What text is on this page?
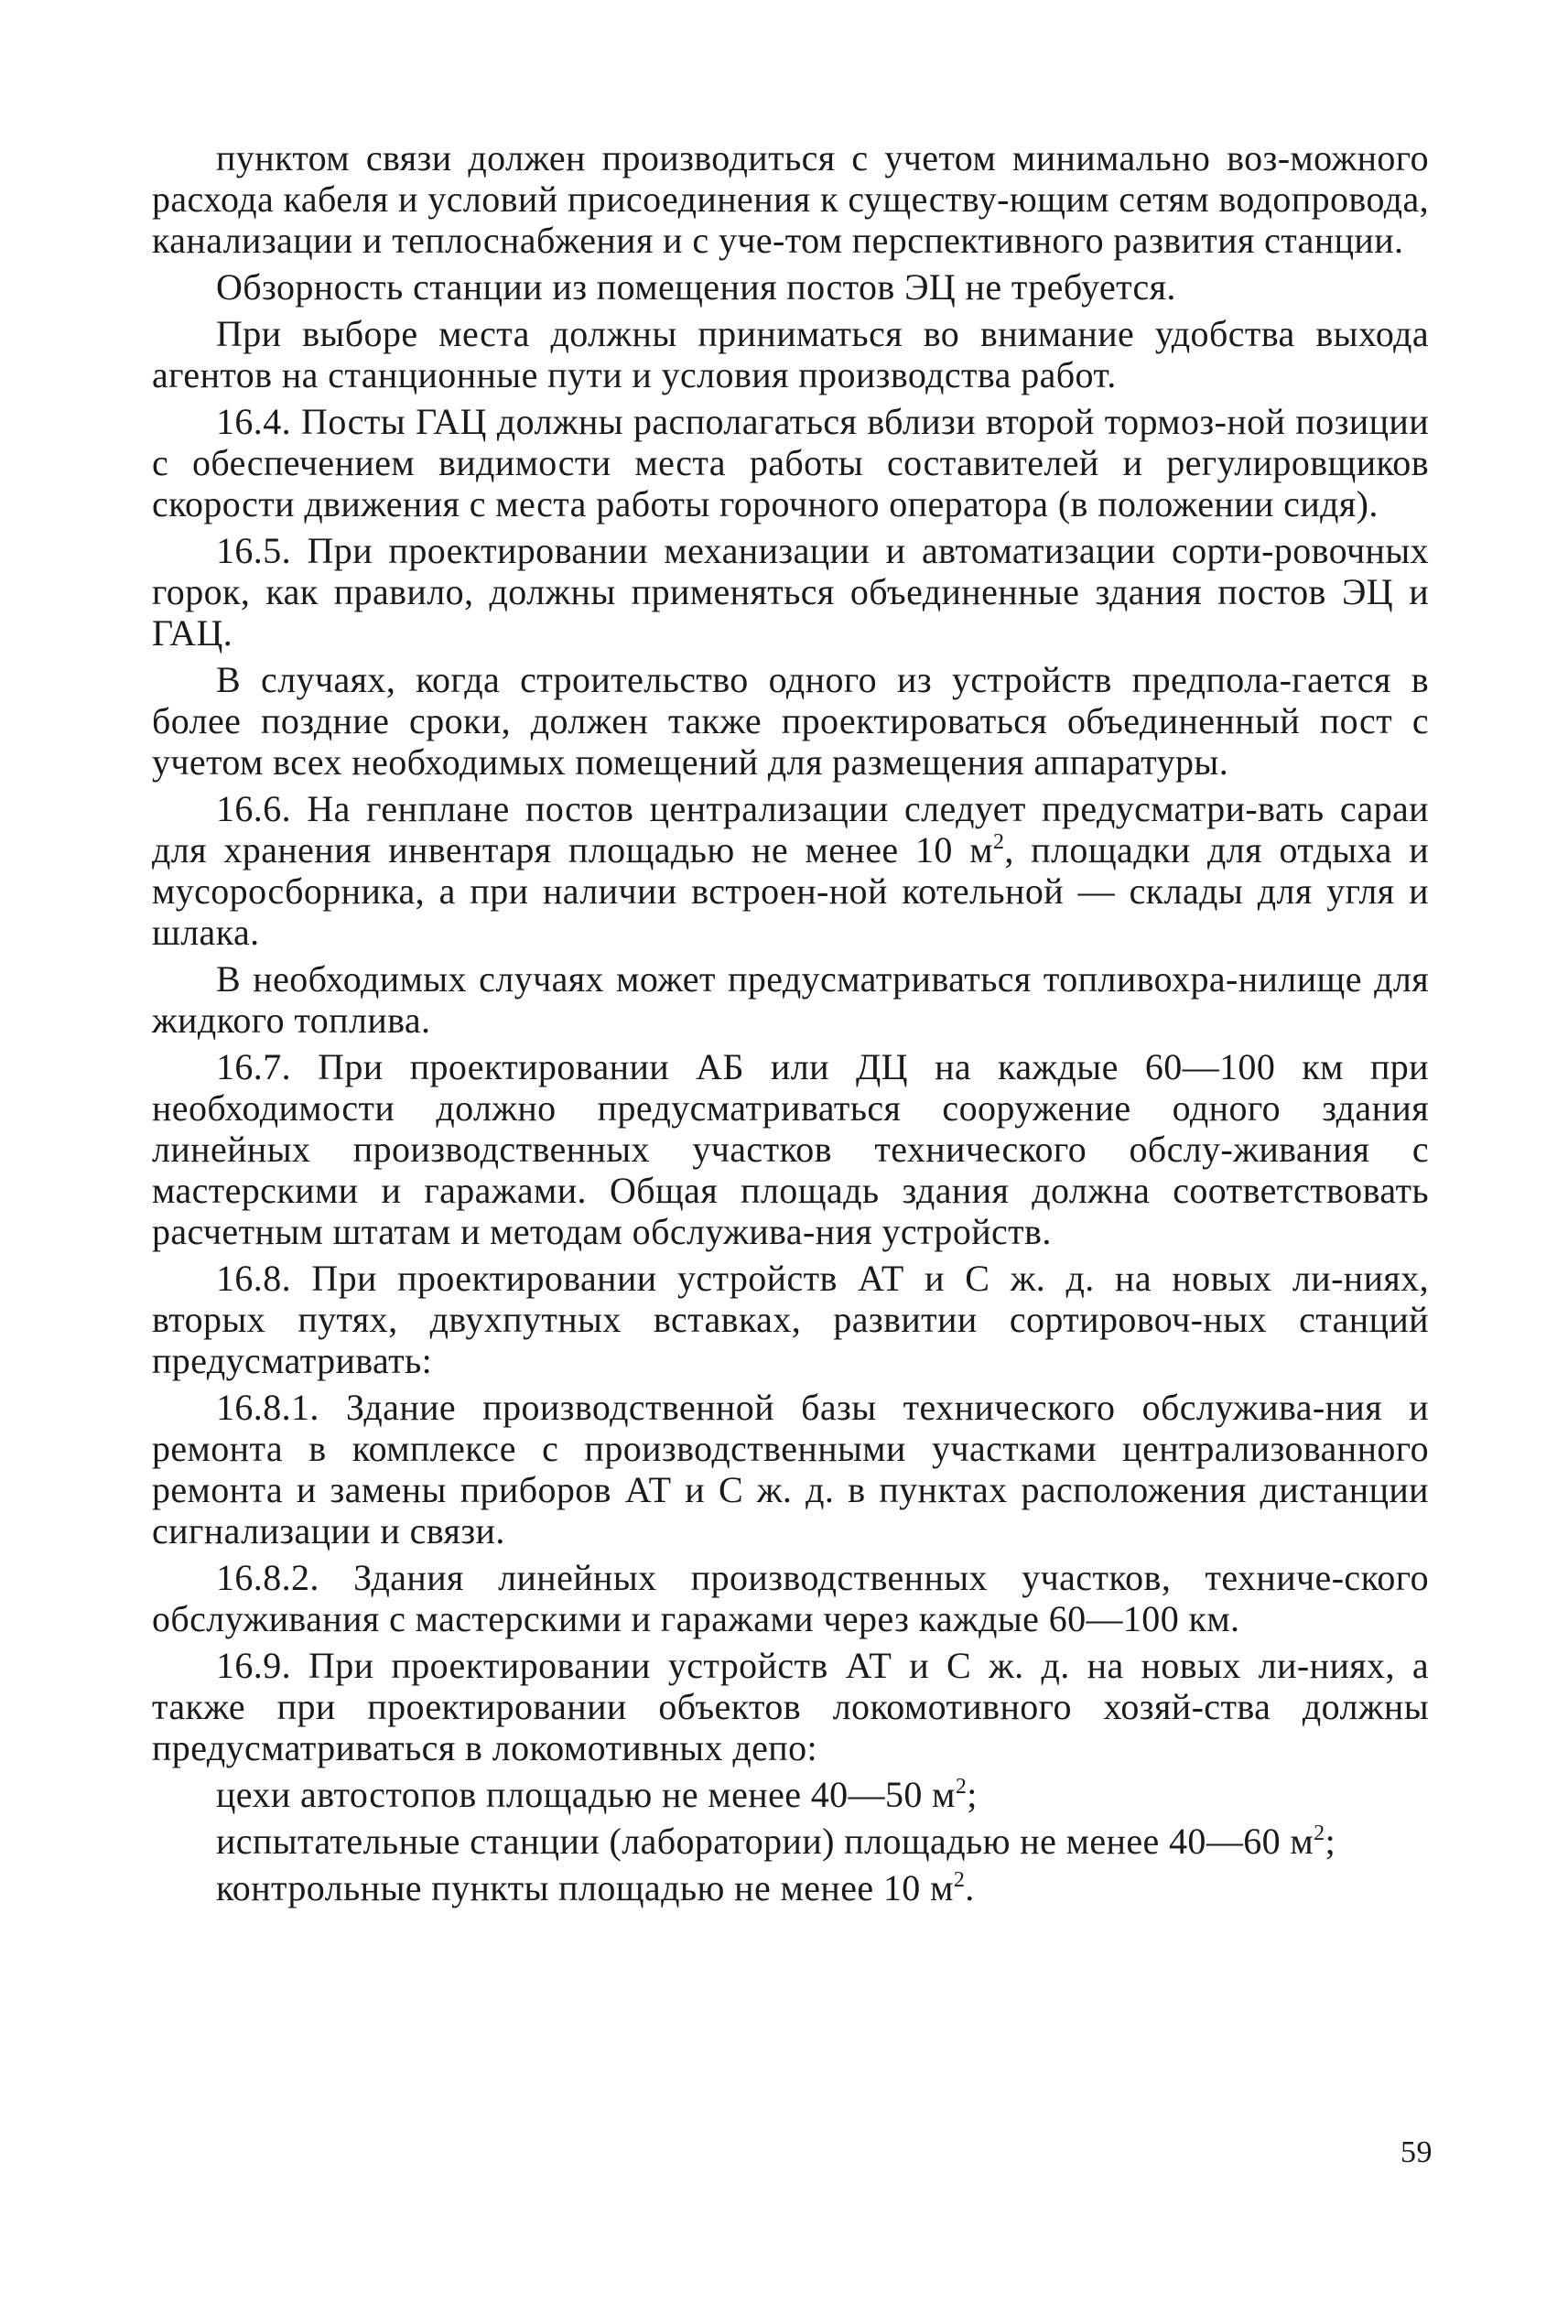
пунктом связи должен производиться с учетом минимально воз-можного расхода кабеля и условий присоединения к существу-ющим сетям водопровода, канализации и теплоснабжения и с уче-том перспективного развития станции.

Обзорность станции из помещения постов ЭЦ не требуется.

При выборе места должны приниматься во внимание удобства выхода агентов на станционные пути и условия производства работ.

16.4. Посты ГАЦ должны располагаться вблизи второй тормоз-ной позиции с обеспечением видимости места работы составителей и регулировщиков скорости движения с места работы горочного оператора (в положении сидя).

16.5. При проектировании механизации и автоматизации сорти-ровочных горок, как правило, должны применяться объединенные здания постов ЭЦ и ГАЦ.

В случаях, когда строительство одного из устройств предпола-гается в более поздние сроки, должен также проектироваться объединенный пост с учетом всех необходимых помещений для размещения аппаратуры.

16.6. На генплане постов централизации следует предусматри-вать сараи для хранения инвентаря площадью не менее 10 $м^2$, площадки для отдыха и мусоросборника, а при наличии встроен-ной котельной — склады для угля и шлака.

В необходимых случаях может предусматриваться топливохра-нилище для жидкого топлива.

16.7. При проектировании АБ или ДЦ на каждые 60—100 км при необходимости должно предусматриваться сооружение одного здания линейных производственных участков технического обслу-живания с мастерскими и гаражами. Общая площадь здания должна соответствовать расчетным штатам и методам обслужива-ния устройств.

16.8. При проектировании устройств АТ и С ж. д. на новых ли-ниях, вторых путях, двухпутных вставках, развитии сортировоч-ных станций предусматривать:

16.8.1. Здание производственной базы технического обслужива-ния и ремонта в комплексе с производственными участками централизованного ремонта и замены приборов АТ и С ж. д. в пунктах расположения дистанции сигнализации и связи.

16.8.2. Здания линейных производственных участков, техниче-ского обслуживания с мастерскими и гаражами через каждые 60—100 км.

16.9. При проектировании устройств АТ и С ж. д. на новых ли-ниях, а также при проектировании объектов локомотивного хозяй-ства должны предусматриваться в локомотивных депо:

цехи автостопов площадью не менее 40—50 $м^2$;

испытательные станции (лаборатории) площадью не менее 40—60 $м^2$;

контрольные пункты площадью не менее 10 $м^2$.

59
